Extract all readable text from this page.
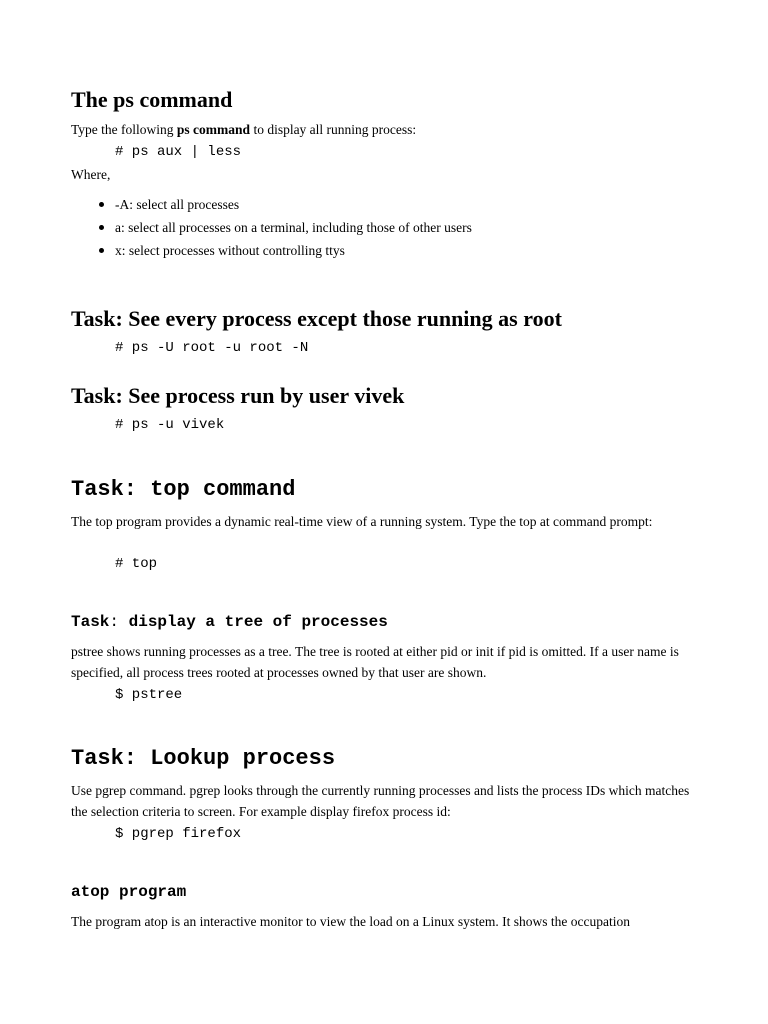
The ps command

Type the following ps command to display all running process:

# ps aux | less

Where,

-A: select all processes
a: select all processes on a terminal, including those of other users
x: select processes without controlling ttys
Task: See every process except those running as root
# ps -U root -u root -N
Task: See process run by user vivek
# ps -u vivek
Task: top command

The top program provides a dynamic real-time view of a running system. Type the top at command prompt:

# top
Task: display a tree of processes

pstree shows running processes as a tree. The tree is rooted at either pid or init if pid is omitted. If a user name is specified, all process trees rooted at processes owned by that user are shown.

$ pstree
Task: Lookup process

Use pgrep command. pgrep looks through the currently running processes and lists the process IDs which matches the selection criteria to screen. For example display firefox process id:

$ pgrep firefox
atop program

The program atop is an interactive monitor to view the load on a Linux system. It shows the occupation
